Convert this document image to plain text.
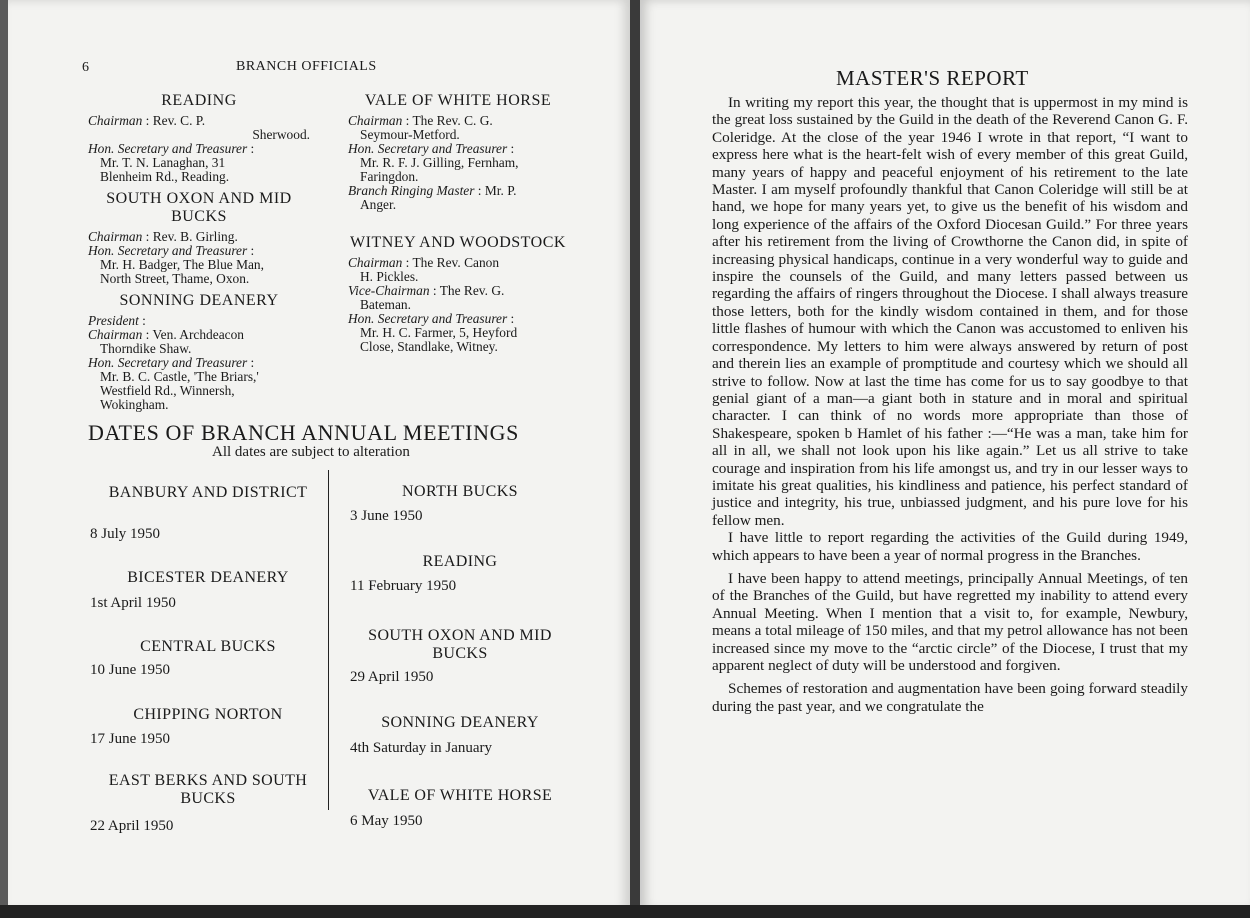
6	BRANCH OFFICIALS
READING
Chairman : Rev. C. P.
Sherwood.
Hon. Secretary and Treasurer :
Mr. T. N. Lanaghan, 31
Blenheim Rd., Reading.
SOUTH OXON AND MID BUCKS
Chairman : Rev. B. Girling.
Hon. Secretary and Treasurer :
Mr. H. Badger, The Blue Man,
North Street, Thame, Oxon.
SONNING DEANERY
President :
Chairman : Ven. Archdeacon
Thorndike Shaw.
Hon. Secretary and Treasurer :
Mr. B. C. Castle, 'The Briars,'
Westfield Rd., Winnersh,
Wokingham.
VALE OF WHITE HORSE
Chairman : The Rev. C. G.
Seymour-Metford.
Hon. Secretary and Treasurer :
Mr. R. F. J. Gilling, Fernham,
Faringdon.
Branch Ringing Master : Mr. P.
Anger.
WITNEY AND WOODSTOCK
Chairman : The Rev. Canon
H. Pickles.
Vice-Chairman : The Rev. G.
Bateman.
Hon. Secretary and Treasurer :
Mr. H. C. Farmer, 5, Heyford
Close, Standlake, Witney.
DATES OF BRANCH ANNUAL MEETINGS
All dates are subject to alteration
BANBURY AND DISTRICT
8 July 1950
BICESTER DEANERY
1st April 1950
CENTRAL BUCKS
10 June 1950
CHIPPING NORTON
17 June 1950
EAST BERKS AND SOUTH BUCKS
22 April 1950
NORTH BUCKS
3 June 1950
READING
11 February 1950
SOUTH OXON AND MID BUCKS
29 April 1950
SONNING DEANERY
4th Saturday in January
VALE OF WHITE HORSE
6 May 1950
MASTER'S REPORT

In writing my report this year, the thought that is uppermost in my mind is the great loss sustained by the Guild in the death of the Reverend Canon G. F. Coleridge. At the close of the year 1946 I wrote in that report, “I want to express here what is the heart-felt wish of every member of this great Guild, many years of happy and peaceful enjoyment of his retirement to the late Master. I am myself profoundly thankful that Canon Coleridge will still be at hand, we hope for many years yet, to give us the benefit of his wisdom and long experience of the affairs of the Oxford Diocesan Guild.” For three years after his retirement from the living of Crowthorne the Canon did, in spite of increasing physical handicaps, continue in a very wonderful way to guide and inspire the counsels of the Guild, and many letters passed between us regarding the affairs of ringers throughout the Diocese. I shall always treasure those letters, both for the kindly wisdom contained in them, and for those little flashes of humour with which the Canon was accustomed to enliven his correspondence. My letters to him were always answered by return of post and therein lies an example of promptitude and courtesy which we should all strive to follow. Now at last the time has come for us to say goodbye to that genial giant of a man—a giant both in stature and in moral and spiritual character. I can think of no words more appropriate than those of Shakespeare, spoken b Hamlet of his father :—“He was a man, take him for all in all, we shall not look upon his like again.” Let us all strive to take courage and inspiration from his life amongst us, and try in our lesser ways to imitate his great qualities, his kindliness and patience, his perfect standard of justice and integrity, his true, unbiassed judgment, and his pure love for his fellow men.

I have little to report regarding the activities of the Guild during 1949, which appears to have been a year of normal progress in the Branches.

I have been happy to attend meetings, principally Annual Meetings, of ten of the Branches of the Guild, but have regretted my inability to attend every Annual Meeting. When I mention that a visit to, for example, Newbury, means a total mileage of 150 miles, and that my petrol allowance has not been increased since my move to the “arctic circle” of the Diocese, I trust that my apparent neglect of duty will be understood and forgiven.

Schemes of restoration and augmentation have been going forward steadily during the past year, and we congratulate the
